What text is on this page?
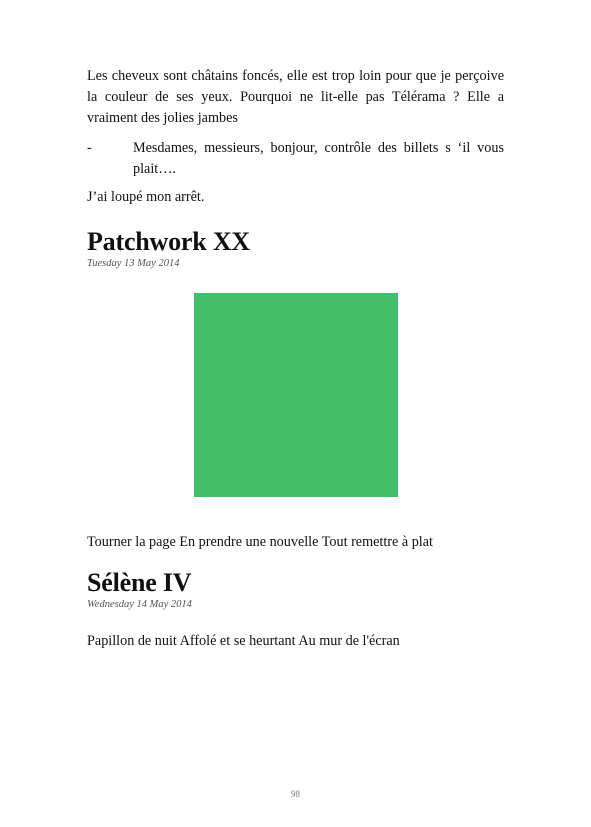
Les cheveux sont châtains foncés, elle est trop loin pour que je perçoive la couleur de ses yeux. Pourquoi ne lit-elle pas Télérama ? Elle a vraiment des jolies jambes

-	Mesdames, messieurs, bonjour, contrôle des billets s ‘il vous plait….

J’ai loupé mon arrêt.

Patchwork XX

Tuesday 13 May 2014

Tourner la page En prendre une nouvelle Tout remettre à plat

Sélène IV

Wednesday 14 May 2014

Papillon de nuit Affolé et se heurtant Au mur de l'écran

98
